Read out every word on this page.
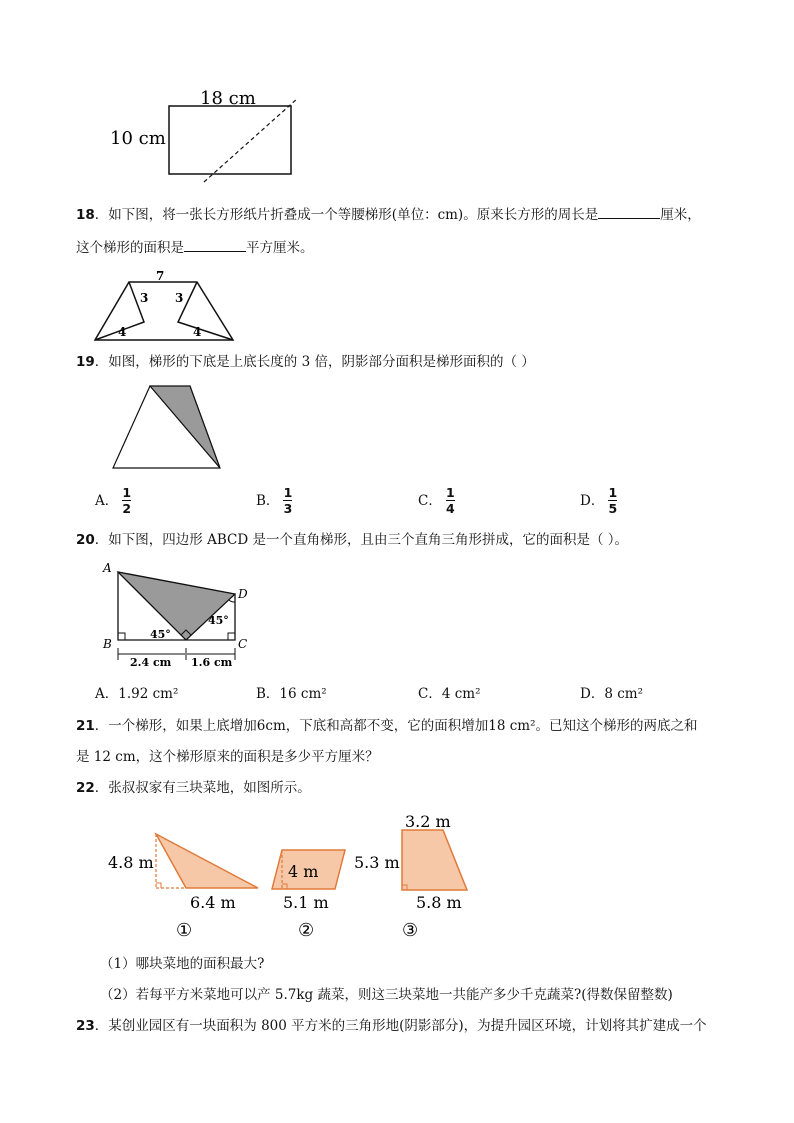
18 cm
10 cm
18．如下图，将一张长方形纸片折叠成一个等腰梯形(单位：cm)。原来长方形的周长是	厘米，
这个梯形的面积是	平方厘米。
7
3 3
4	4
19．如图，梯形的下底是上底长度的 3 倍，阴影部分面积是梯形面积的（ ）
A． $\frac{1}{2}$	B． $\frac{1}{3}$	C． $\frac{1}{4}$	D． $\frac{1}{5}$
20．如下图，四边形 ABCD 是一个直角梯形，且由三个直角三角形拼成，它的面积是（ ）。
A
B	C
D
45°
45°
2.4 cm 1.6 cm
A． 1.92 cm²	B． 16 cm²	C． 4 cm²	D． 8 cm²
21．一个梯形，如果上底增加6cm，下底和高都不变，它的面积增加18 cm²。已知这个梯形的两底之和
是 12 cm，这个梯形原来的面积是多少平方厘米？
22．张叔叔家有三块菜地，如图所示。
4.8 m
6.4 m
①
4 m
5.1 m
②
3.2 m
5.3 m
5.8 m
③
（1）哪块菜地的面积最大?
（2）若每平方米菜地可以产 5.7kg 蔬菜，则这三块菜地一共能产多少千克蔬菜?(得数保留整数)
23．某创业园区有一块面积为 800 平方米的三角形地(阴影部分)，为提升园区环境，计划将其扩建成一个
